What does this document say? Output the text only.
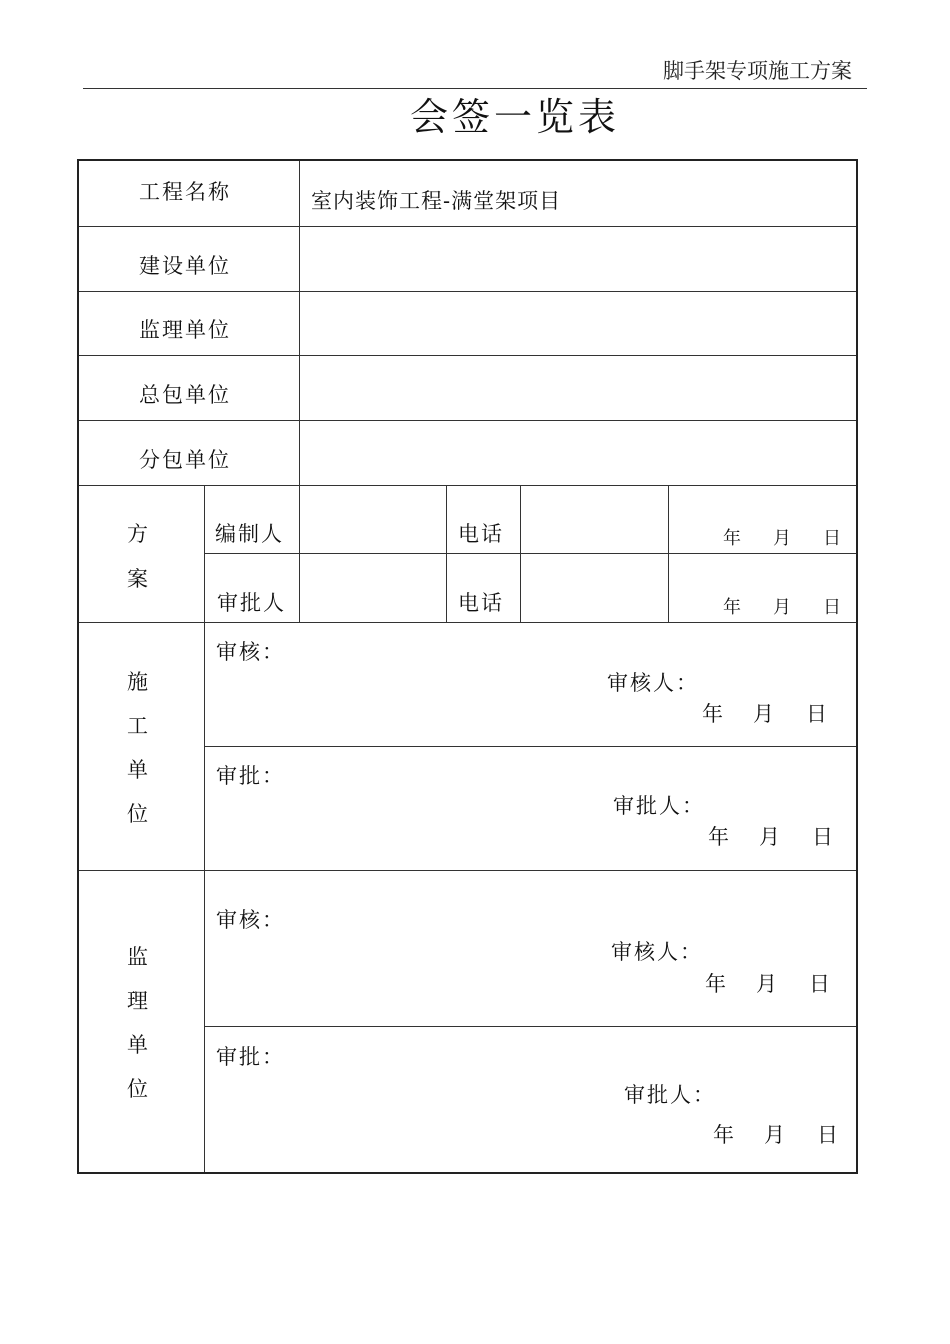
脚手架专项施工方案
会签一览表
工程名称	室内装饰工程-满堂架项目
建设单位
监理单位
总包单位
分包单位
方
案
编制人
审批人
电话
电话
年 月 日
年 月 日
施
工
单
位
审核：
审核人：
年 月 日
审批：
审批人：
年 月 日
监
理
单
位
审核：
审核人：
年 月 日
审批：
审批人：
年 月 日
